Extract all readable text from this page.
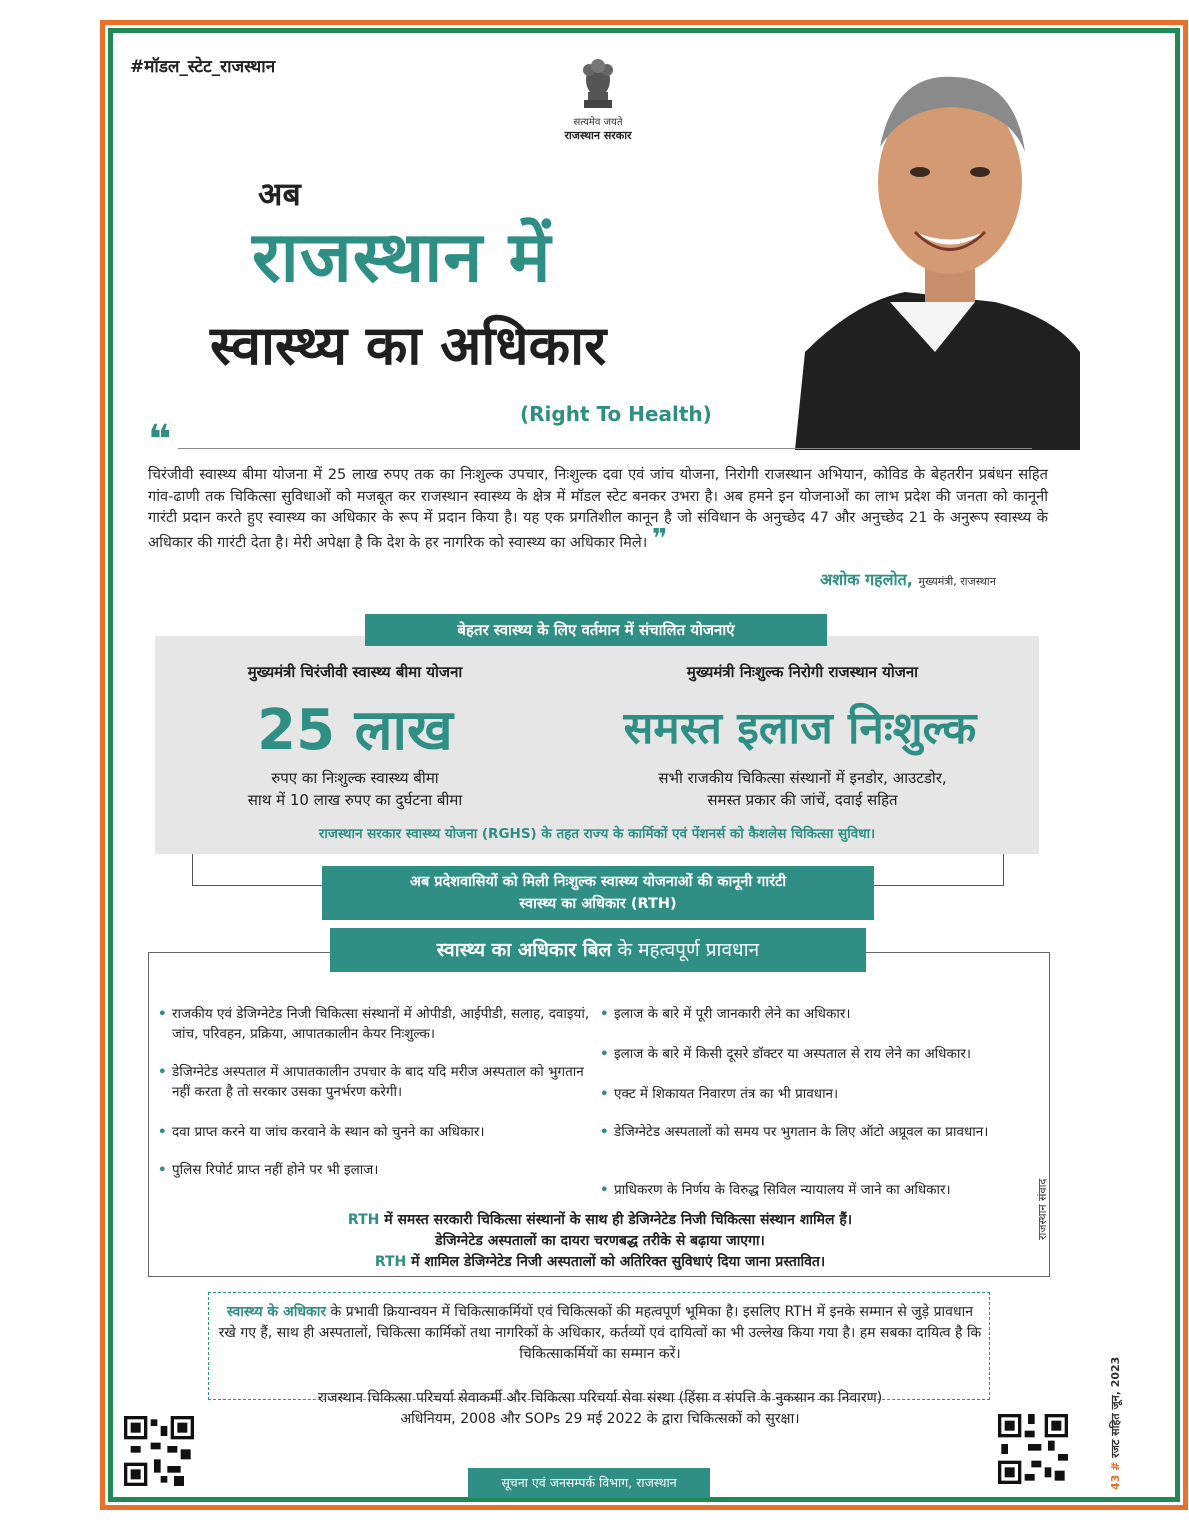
#मॉडल_स्टेट_राजस्थान
सत्यमेव जयते
राजस्थान सरकार
अब
राजस्थान में
स्वास्थ्य का अधिकार
(Right To Health)
❝
चिरंजीवी स्वास्थ्य बीमा योजना में 25 लाख रुपए तक का निःशुल्क उपचार, निःशुल्क दवा एवं जांच योजना, निरोगी राजस्थान अभियान, कोविड के बेहतरीन प्रबंधन सहित गांव-ढाणी तक चिकित्सा सुविधाओं को मजबूत कर राजस्थान स्वास्थ्य के क्षेत्र में मॉडल स्टेट बनकर उभरा है। अब हमने इन योजनाओं का लाभ प्रदेश की जनता को कानूनी गारंटी प्रदान करते हुए स्वास्थ्य का अधिकार के रूप में प्रदान किया है। यह एक प्रगतिशील कानून है जो संविधान के अनुच्छेद 47 और अनुच्छेद 21 के अनुरूप स्वास्थ्य के अधिकार की गारंटी देता है। मेरी अपेक्षा है कि देश के हर नागरिक को स्वास्थ्य का अधिकार मिले। ❞
अशोक गहलोत, मुख्यमंत्री, राजस्थान
बेहतर स्वास्थ्य के लिए वर्तमान में संचालित योजनाएं
मुख्यमंत्री चिरंजीवी स्वास्थ्य बीमा योजना
25 लाख
रुपए का निःशुल्क स्वास्थ्य बीमा
साथ में 10 लाख रुपए का दुर्घटना बीमा
मुख्यमंत्री निःशुल्क निरोगी राजस्थान योजना
समस्त इलाज निःशुल्क
सभी राजकीय चिकित्सा संस्थानों में इनडोर, आउटडोर,
समस्त प्रकार की जांचें, दवाई सहित
राजस्थान सरकार स्वास्थ्य योजना (RGHS) के तहत राज्य के कार्मिकों एवं पेंशनर्स को कैशलेस चिकित्सा सुविधा।
अब प्रदेशवासियों को मिली निःशुल्क स्वास्थ्य योजनाओं की कानूनी गारंटी
स्वास्थ्य का अधिकार (RTH)
स्वास्थ्य का अधिकार बिल के महत्वपूर्ण प्रावधान
• राजकीय एवं डेजिग्नेटेड निजी चिकित्सा संस्थानों में ओपीडी, आईपीडी, सलाह, दवाइयां, जांच, परिवहन, प्रक्रिया, आपातकालीन केयर निःशुल्क।
• डेजिग्नेटेड अस्पताल में आपातकालीन उपचार के बाद यदि मरीज अस्पताल को भुगतान नहीं करता है तो सरकार उसका पुनर्भरण करेगी।
• दवा प्राप्त करने या जांच करवाने के स्थान को चुनने का अधिकार।
• पुलिस रिपोर्ट प्राप्त नहीं होने पर भी इलाज।
• इलाज के बारे में पूरी जानकारी लेने का अधिकार।
• इलाज के बारे में किसी दूसरे डॉक्टर या अस्पताल से राय लेने का अधिकार।
• एक्ट में शिकायत निवारण तंत्र का भी प्रावधान।
• डेजिग्नेटेड अस्पतालों को समय पर भुगतान के लिए ऑटो अप्रूवल का प्रावधान।
• प्राधिकरण के निर्णय के विरुद्ध सिविल न्यायालय में जाने का अधिकार।
RTH में समस्त सरकारी चिकित्सा संस्थानों के साथ ही डेजिग्नेटेड निजी चिकित्सा संस्थान शामिल हैं।
डेजिग्नेटेड अस्पतालों का दायरा चरणबद्ध तरीके से बढ़ाया जाएगा।
RTH में शामिल डेजिग्नेटेड निजी अस्पतालों को अतिरिक्त सुविधाएं दिया जाना प्रस्तावित।
स्वास्थ्य के अधिकार के प्रभावी क्रियान्वयन में चिकित्साकर्मियों एवं चिकित्सकों की महत्वपूर्ण भूमिका है। इसलिए RTH में इनके सम्मान से जुड़े प्रावधान रखे गए हैं, साथ ही अस्पतालों, चिकित्सा कार्मिकों तथा नागरिकों के अधिकार, कर्तव्यों एवं दायित्वों का भी उल्लेख किया गया है। हम सबका दायित्व है कि चिकित्साकर्मियों का सम्मान करें।
राजस्थान चिकित्सा परिचर्या सेवाकर्मी और चिकित्सा परिचर्या सेवा संस्था (हिंसा व संपत्ति के नुकसान का निवारण)
अधिनियम, 2008 और SOPs 29 मई 2022 के द्वारा चिकित्सकों को सुरक्षा।
सूचना एवं जनसम्पर्क विभाग, राजस्थान
राजस्थान संवाद
43 # रजट सहित जून, 2023
